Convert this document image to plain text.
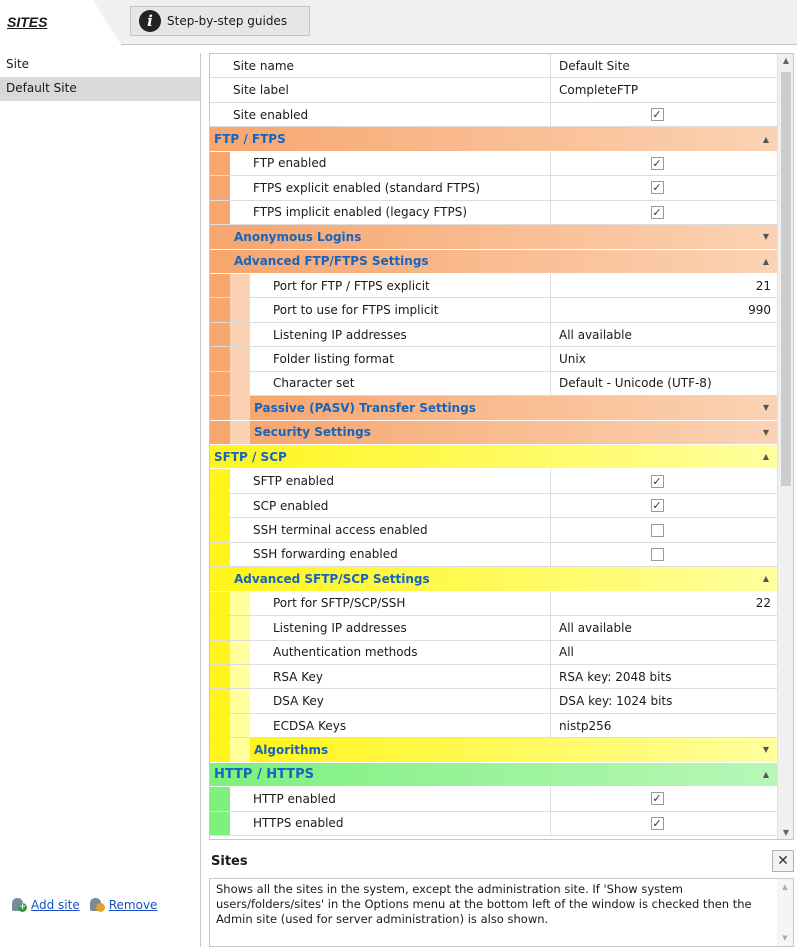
SITES	i	Step-by-step guides
Site
Default Site
+ Add site Remove
Site name	Default Site
Site label	CompleteFTP
Site enabled	✓
FTP / FTPS	▲
FTP enabled	✓
FTPS explicit enabled (standard FTPS)	✓
FTPS implicit enabled (legacy FTPS)	✓
Anonymous Logins	▼
Advanced FTP/FTPS Settings	▲
Port for FTP / FTPS explicit	21
Port to use for FTPS implicit	990
Listening IP addresses	All available
Folder listing format	Unix
Character set	Default - Unicode (UTF-8)
Passive (PASV) Transfer Settings	▼
Security Settings	▼
SFTP / SCP	▲
SFTP enabled	✓
SCP enabled	✓
SSH terminal access enabled
SSH forwarding enabled
Advanced SFTP/SCP Settings	▲
Port for SFTP/SCP/SSH	22
Listening IP addresses	All available
Authentication methods	All
RSA Key	RSA key: 2048 bits
DSA Key	DSA key: 1024 bits
ECDSA Keys	nistp256
Algorithms	▼
HTTP / HTTPS	▲
HTTP enabled	✓
HTTPS enabled	✓
▲
▼
Sites	✕
Shows all the sites in the system, except the administration site. If 'Show system users/folders/sites' in the Options menu at the bottom left of the window is checked then the Admin site (used for server administration) is also shown.
▲
▼
